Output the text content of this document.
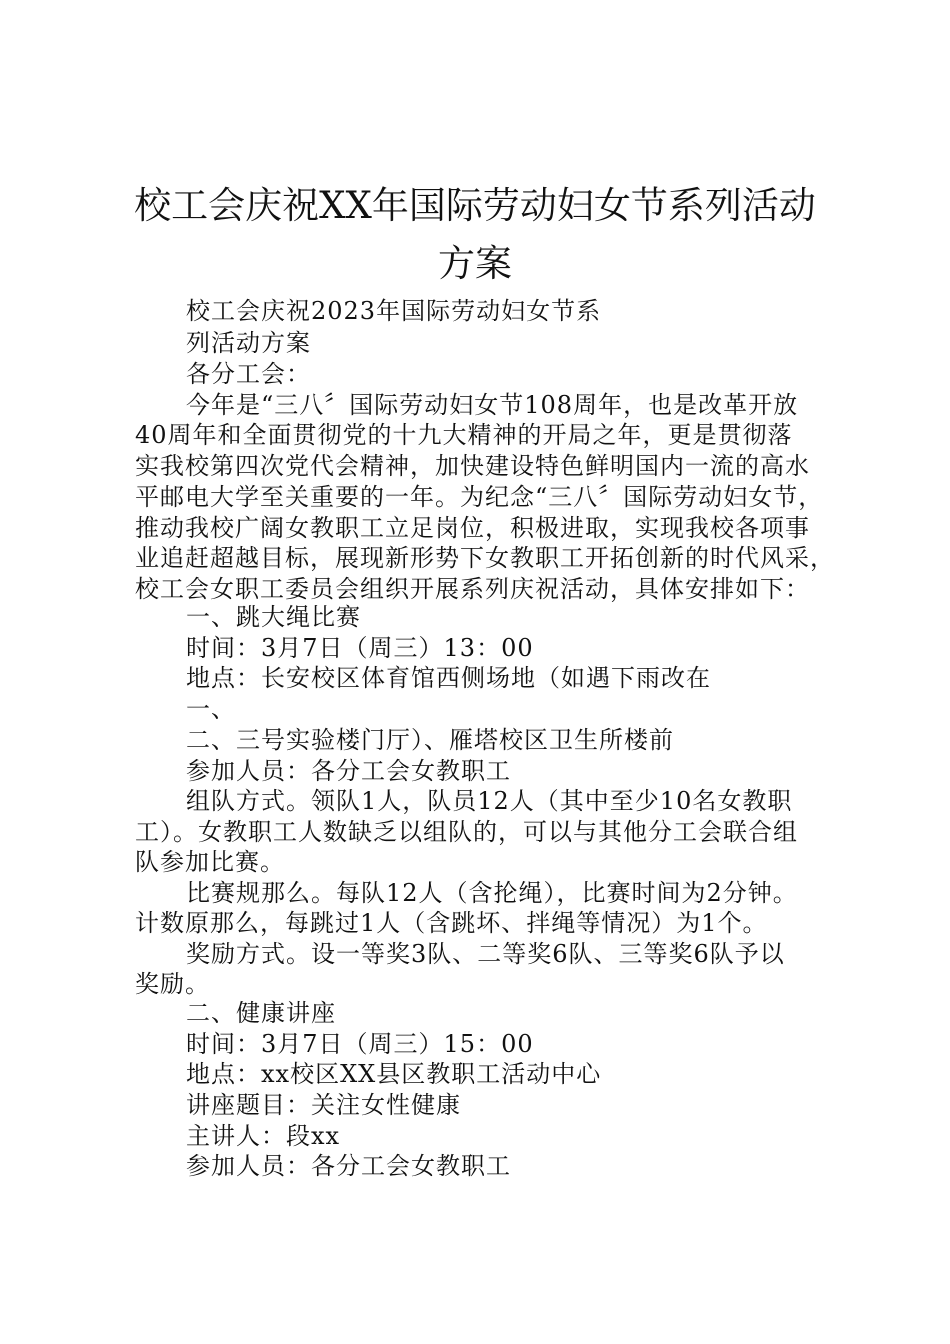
校工会庆祝XX年国际劳动妇女节系列活动
方案
校工会庆祝2023年国际劳动妇女节系
列活动方案
各分工会：
今年是“三八〞国际劳动妇女节108周年，也是改革开放
40周年和全面贯彻党的十九大精神的开局之年，更是贯彻落
实我校第四次党代会精神，加快建设特色鲜明国内一流的高水
平邮电大学至关重要的一年。为纪念“三八〞国际劳动妇女节，
推动我校广阔女教职工立足岗位，积极进取，实现我校各项事
业追赶超越目标，展现新形势下女教职工开拓创新的时代风采，
校工会女职工委员会组织开展系列庆祝活动，具体安排如下：
一、跳大绳比赛
时间：3月7日（周三）13：00
地点：长安校区体育馆西侧场地（如遇下雨改在
一、
二、三号实验楼门厅）、雁塔校区卫生所楼前
参加人员：各分工会女教职工
组队方式。领队1人，队员12人（其中至少10名女教职
工）。女教职工人数缺乏以组队的，可以与其他分工会联合组
队参加比赛。
比赛规那么。每队12人（含抡绳），比赛时间为2分钟。
计数原那么，每跳过1人（含跳坏、拌绳等情况）为1个。
奖励方式。设一等奖3队、二等奖6队、三等奖6队予以
奖励。
二、健康讲座
时间：3月7日（周三）15：00
地点：xx校区XX县区教职工活动中心
讲座题目：关注女性健康
主讲人：段xx
参加人员：各分工会女教职工
